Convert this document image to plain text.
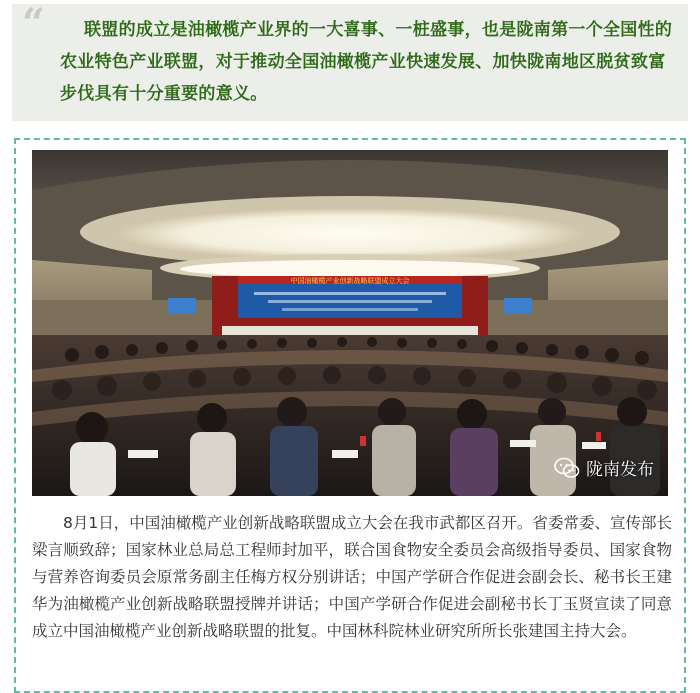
“	联盟的成立是油橄榄产业界的一大喜事、一桩盛事，也是陇南第一个全国性的农业特色产业联盟，对于推动全国油橄榄产业快速发展、加快陇南地区脱贫致富步伐具有十分重要的意义。
中国油橄榄产业创新战略联盟成立大会
陇南发布
8月1日，中国油橄榄产业创新战略联盟成立大会在我市武都区召开。省委常委、宣传部长梁言顺致辞；国家林业总局总工程师封加平，联合国食物安全委员会高级指导委员、国家食物与营养咨询委员会原常务副主任梅方权分别讲话；中国产学研合作促进会副会长、秘书长王建华为油橄榄产业创新战略联盟授牌并讲话；中国产学研合作促进会副秘书长丁玉贤宣读了同意成立中国油橄榄产业创新战略联盟的批复。中国林科院林业研究所所长张建国主持大会。
